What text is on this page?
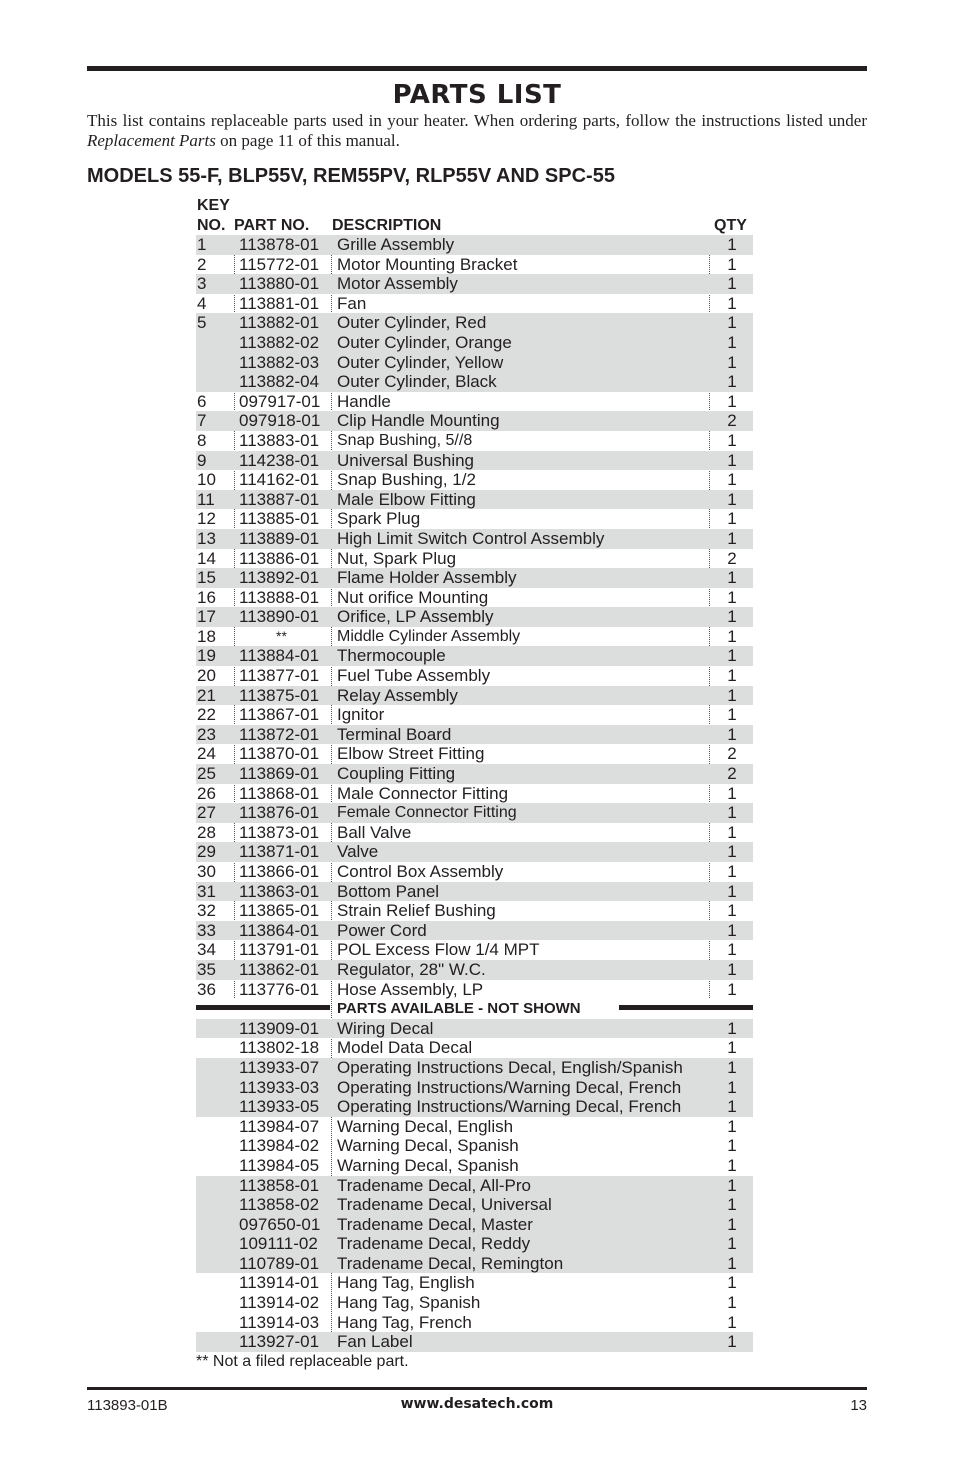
PARTS LIST
This list contains replaceable parts used in your heater. When ordering parts, follow the instructions listed under Replacement Parts on page 11 of this manual.
MODELS 55-F, BLP55V, REM55PV, RLP55V AND SPC-55
KEY
NO. PART NO. DESCRIPTION	QTY
1 113878-01 Grille Assembly	1
2 115772-01 Motor Mounting Bracket	1
3 113880-01 Motor Assembly	1
4 113881-01 Fan	1
5 113882-01 Outer Cylinder, Red	1
113882-02 Outer Cylinder, Orange	1
113882-03 Outer Cylinder, Yellow	1
113882-04 Outer Cylinder, Black	1
6 097917-01 Handle	1
7 097918-01 Clip Handle Mounting	2
8 113883-01 Snap Bushing, 5//8	1
9 114238-01 Universal Bushing	1
10 114162-01 Snap Bushing, 1/2	1
11 113887-01 Male Elbow Fitting	1
12 113885-01 Spark Plug	1
13 113889-01 High Limit Switch Control Assembly	1
14 113886-01 Nut, Spark Plug	2
15 113892-01 Flame Holder Assembly	1
16 113888-01 Nut orifice Mounting	1
17 113890-01 Orifice, LP Assembly	1
18	**	Middle Cylinder Assembly	1
19 113884-01 Thermocouple	1
20 113877-01 Fuel Tube Assembly	1
21 113875-01 Relay Assembly	1
22 113867-01 Ignitor	1
23 113872-01 Terminal Board	1
24 113870-01 Elbow Street Fitting	2
25 113869-01 Coupling Fitting	2
26 113868-01 Male Connector Fitting	1
27 113876-01 Female Connector Fitting	1
28 113873-01 Ball Valve	1
29 113871-01 Valve	1
30 113866-01 Control Box Assembly	1
31 113863-01 Bottom Panel	1
32 113865-01 Strain Relief Bushing	1
33 113864-01 Power Cord	1
34 113791-01 POL Excess Flow 1/4 MPT	1
35 113862-01 Regulator, 28" W.C.	1
36 113776-01 Hose Assembly, LP	1
PARTS AVAILABLE - NOT SHOWN
113909-01 Wiring Decal	1
113802-18 Model Data Decal	1
113933-07 Operating Instructions Decal, English/Spanish	1
113933-03 Operating Instructions/Warning Decal, French	1
113933-05 Operating Instructions/Warning Decal, French	1
113984-07 Warning Decal, English	1
113984-02 Warning Decal, Spanish	1
113984-05 Warning Decal, Spanish	1
113858-01 Tradename Decal, All-Pro	1
113858-02 Tradename Decal, Universal	1
097650-01 Tradename Decal, Master	1
109111-02 Tradename Decal, Reddy	1
110789-01 Tradename Decal, Remington	1
113914-01 Hang Tag, English	1
113914-02 Hang Tag, Spanish	1
113914-03 Hang Tag, French	1
113927-01 Fan Label	1
** Not a filed replaceable part.
113893-01B	www.desatech.com	13
